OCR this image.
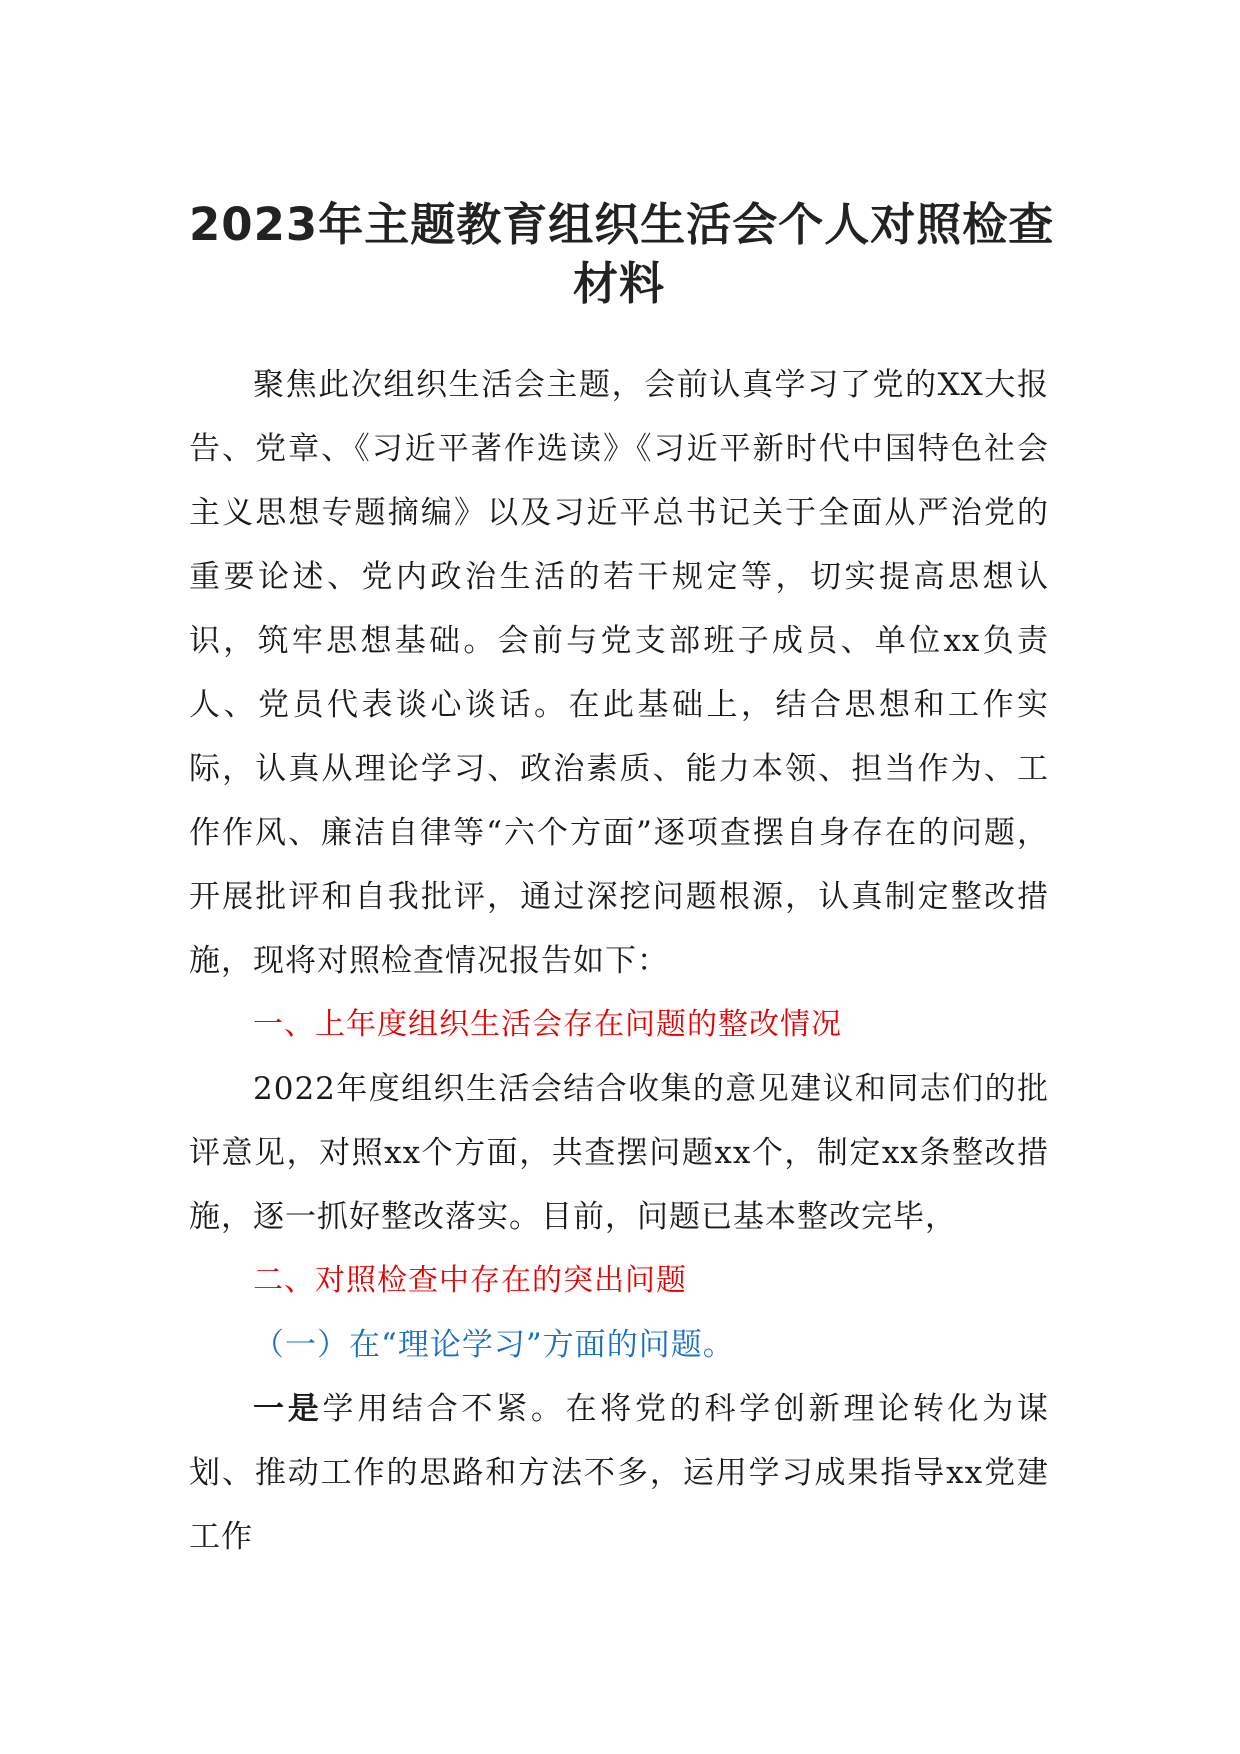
2023年主题教育组织生活会个人对照检查
材料

聚焦此次组织生活会主题，会前认真学习了党的XX大报告、党章、《习近平著作选读》《习近平新时代中国特色社会主义思想专题摘编》以及习近平总书记关于全面从严治党的重要论述、党内政治生活的若干规定等，切实提高思想认识，筑牢思想基础。会前与党支部班子成员、单位xx负责人、党员代表谈心谈话。在此基础上，结合思想和工作实际，认真从理论学习、政治素质、能力本领、担当作为、工作作风、廉洁自律等“六个方面”逐项查摆自身存在的问题，开展批评和自我批评，通过深挖问题根源，认真制定整改措施，现将对照检查情况报告如下：

一、上年度组织生活会存在问题的整改情况

2022年度组织生活会结合收集的意见建议和同志们的批评意见，对照xx个方面，共查摆问题xx个，制定xx条整改措施，逐一抓好整改落实。目前，问题已基本整改完毕，

二、对照检查中存在的突出问题

（一）在“理论学习”方面的问题。

一是学用结合不紧。在将党的科学创新理论转化为谋划、推动工作的思路和方法不多，运用学习成果指导xx党建工作
